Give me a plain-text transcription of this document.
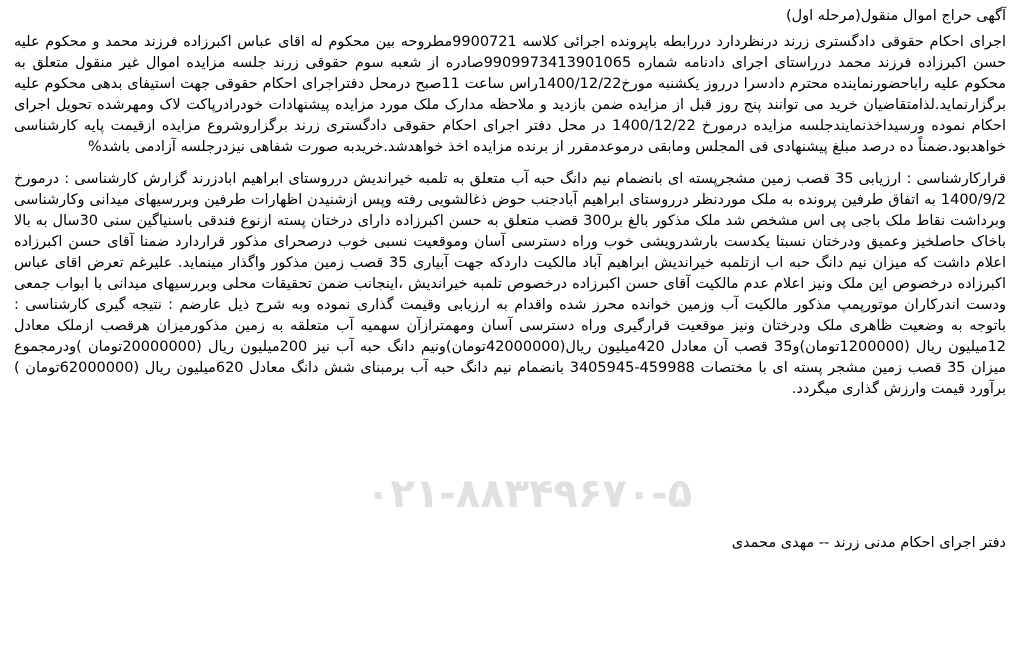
آگهی حراج اموال منقول(مرحله اول)

اجرای احکام حقوقی دادگستری زرند درنظردارد دررابطه باپرونده اجرائی کلاسه 9900721مطروحه بین محکوم له اقای عباس اکبرزاده فرزند محمد و محکوم علیه حسن اکبرزاده فرزند محمد درراستای اجرای دادنامه شماره 9909973413901065صادره از شعبه سوم حقوقی زرند جلسه مزایده اموال غیر منقول متعلق به محکوم علیه راباحضورنماینده محترم دادسرا درروز یکشنبه مورخ1400/12/22راس ساعت 11صبح درمحل دفتراجرای احکام حقوقی جهت استیفای بدهی محکوم علیه برگزارنماید.لذامتقاضیان خرید می توانند پنج روز قبل از مزایده ضمن بازدید و ملاحظه مدارک ملک مورد مزایده پیشنهادات خودرادرپاکت لاک ومهرشده تحویل اجرای احکام نموده ورسیداخذنمایندجلسه مزایده درمورخ 1400/12/22 در محل دفتر اجرای احکام حقوقی دادگستری زرند برگزاروشروع مزایده ازقیمت پایه کارشناسی خواهدبود.ضمناً ده درصد مبلغ پیشنهادی فی المجلس ومابقی درموعدمقرر از برنده مزایده اخذ خواهدشد.خریدبه صورت شفاهی نیزدرجلسه آزادمی باشد%

قرارکارشناسی : ارزیابی 35 قصب زمین مشجرپسته ای بانضمام نیم دانگ حبه آب متعلق به تلمبه خیراندیش درروستای ابراهیم ابادزرند گزارش کارشناسی : درمورخ 1400/9/2 به اتفاق طرفین پرونده به ملک موردنظر درروستای ابراهیم آبادجنب حوض ذغالشویی رفته وپس ازشنیدن اظهارات طرفین وبررسیهای میدانی وکارشناسی وبرداشت نقاط ملک باجی پی اس مشخص شد ملک مذکور بالغ بر300 قصب متعلق به حسن اکبرزاده دارای درختان پسته ازنوع فندقی باسنیاگین سنی 30سال به بالا باخاک حاصلخیز وعمیق ودرختان نسبتا یکدست بارشدرویشی خوب وراه دسترسی آسان وموقعیت نسبی خوب درصحرای مذکور قراردارد ضمنا آقای حسن اکبرزاده اعلام داشت که میزان نیم دانگ حبه اب ازتلمبه خیراندیش ابراهیم آباد مالکیت داردکه جهت آبیاری 35 قصب زمین مذکور واگذار مینماید. علیرغم تعرض اقای عباس اکبرزاده درخصوص این ملک ونیز اعلام عدم مالکیت آقای حسن اکبرزاده درخصوص تلمبه خیراندیش ،اینجانب ضمن تحقیقات محلی وبررسیهای میدانی با ابواب جمعی ودست اندرکاران موتورپمپ مذکور مالکیت آب وزمین خوانده محرز شده واقدام به ارزیابی وقیمت گذاری نموده وبه شرح ذیل عارضم : نتیجه گیری کارشناسی : باتوجه به وضعیت ظاهری ملک ودرختان ونیز موقعیت قرارگیری وراه دسترسی آسان ومهمترازآن سهمیه آب متعلقه به زمین مذکورمیزان هرقصب ازملک معادل 12میلیون ریال (1200000تومان)و35 قصب آن معادل 420میلیون ریال(42000000تومان)ونیم دانگ حبه آب نیز 200میلیون ریال (20000000تومان )ودرمجموع میزان 35 قصب زمین مشجر پسته ای با مختصات 459988-3405945 بانضمام نیم دانگ حبه آب برمبنای شش دانگ معادل 620میلیون ریال (62000000تومان ) برآورد قیمت وارزش گذاری میگردد.

۰۲۱-۸۸۳۴۹۶۷۰-۵
دفتر اجرای احکام مدنی زرند -- مهدی محمدی
